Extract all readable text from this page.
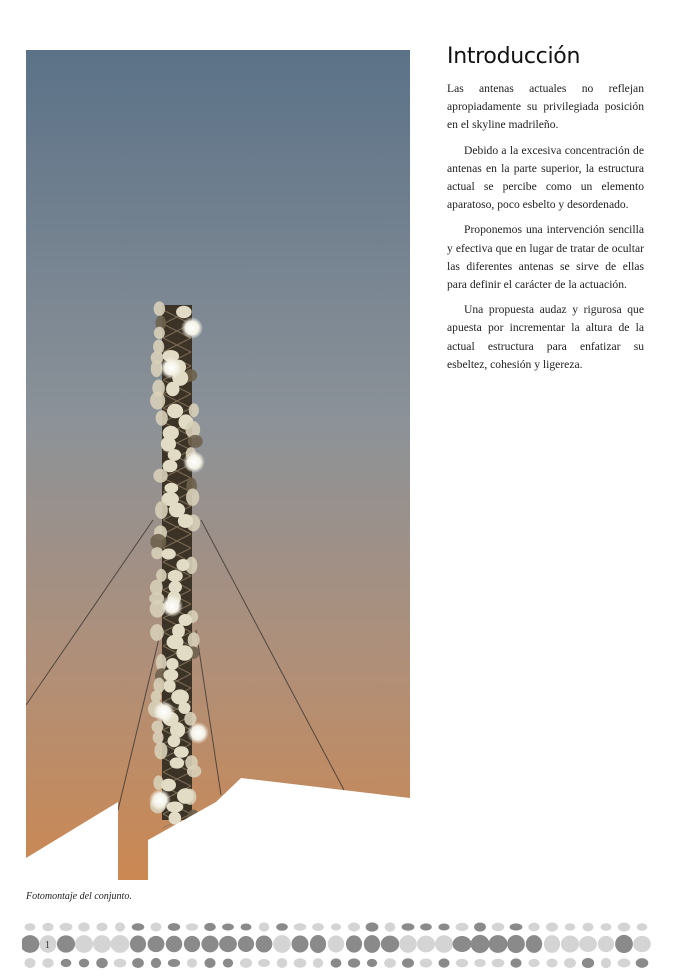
Introducción

Las antenas actuales no reflejan apropiadamente su privilegiada posición en el skyline madrileño.

Debido a la excesiva concentración de antenas en la parte superior, la estructura actual se percibe como un elemento aparatoso, poco esbelto y desordenado.

Proponemos una intervención sencilla y efectiva que en lugar de tratar de ocultar las diferentes antenas se sirve de ellas para definir el carácter de la actuación.

Una propuesta audaz y rigurosa que apuesta por incrementar la altura de la actual estructura para enfatizar su esbeltez, cohesión y ligereza.

Fotomontaje del conjunto.
1
